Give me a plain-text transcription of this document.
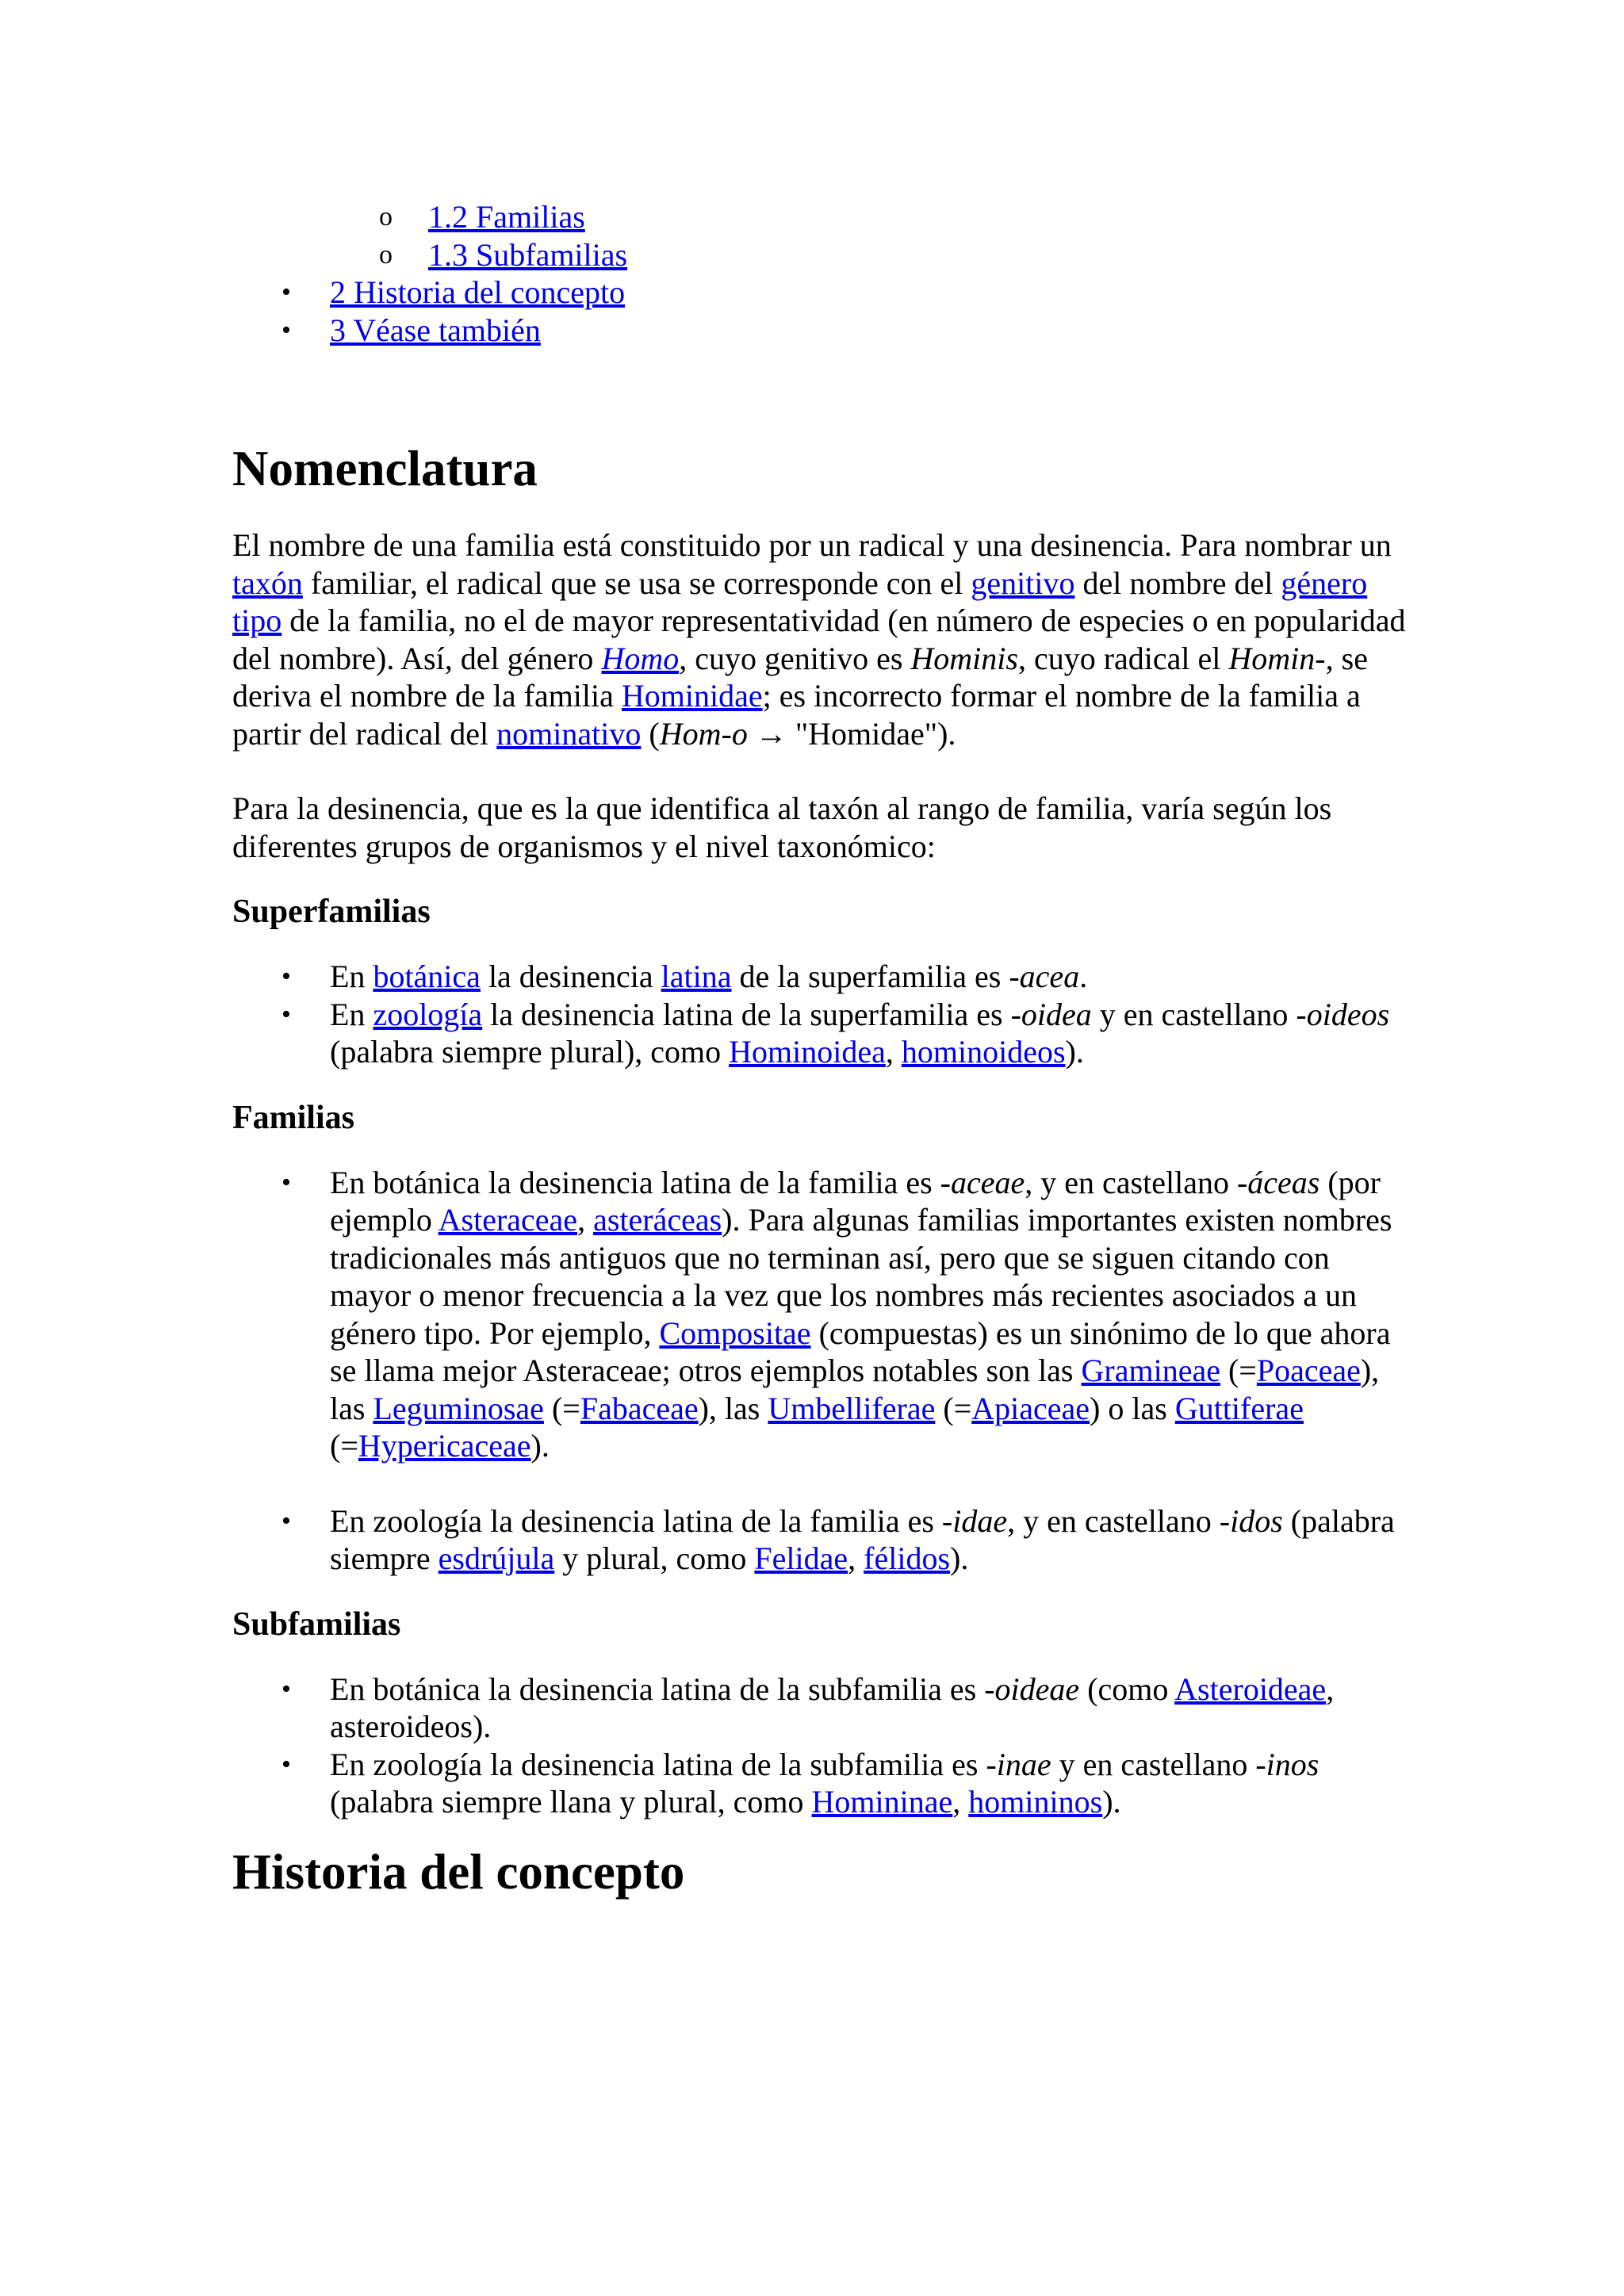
o 1.2 Familias
o 1.3 Subfamilias
• 2 Historia del concepto
• 3 Véase también
Nomenclatura

El nombre de una familia está constituido por un radical y una desinencia. Para nombrar un taxón familiar, el radical que se usa se corresponde con el genitivo del nombre del género tipo de la familia, no el de mayor representatividad (en número de especies o en popularidad del nombre). Así, del género Homo, cuyo genitivo es Hominis, cuyo radical el Homin-, se deriva el nombre de la familia Hominidae; es incorrecto formar el nombre de la familia a partir del radical del nominativo (Hom-o → "Homidae").

Para la desinencia, que es la que identifica al taxón al rango de familia, varía según los diferentes grupos de organismos y el nivel taxonómico:

Superfamilias
• En botánica la desinencia latina de la superfamilia es -acea.
• En zoología la desinencia latina de la superfamilia es -oidea y en castellano -oideos (palabra siempre plural), como Hominoidea, hominoideos).
Familias
• En botánica la desinencia latina de la familia es -aceae, y en castellano -áceas (por ejemplo Asteraceae, asteráceas). Para algunas familias importantes existen nombres tradicionales más antiguos que no terminan así, pero que se siguen citando con mayor o menor frecuencia a la vez que los nombres más recientes asociados a un género tipo. Por ejemplo, Compositae (compuestas) es un sinónimo de lo que ahora se llama mejor Asteraceae; otros ejemplos notables son las Gramineae (=Poaceae), las Leguminosae (=Fabaceae), las Umbelliferae (=Apiaceae) o las Guttiferae (=Hypericaceae).
• En zoología la desinencia latina de la familia es -idae, y en castellano -idos (palabra siempre esdrújula y plural, como Felidae, félidos).
Subfamilias
• En botánica la desinencia latina de la subfamilia es -oideae (como Asteroideae, asteroideos).
• En zoología la desinencia latina de la subfamilia es -inae y en castellano -inos (palabra siempre llana y plural, como Homininae, homininos).
Historia del concepto
